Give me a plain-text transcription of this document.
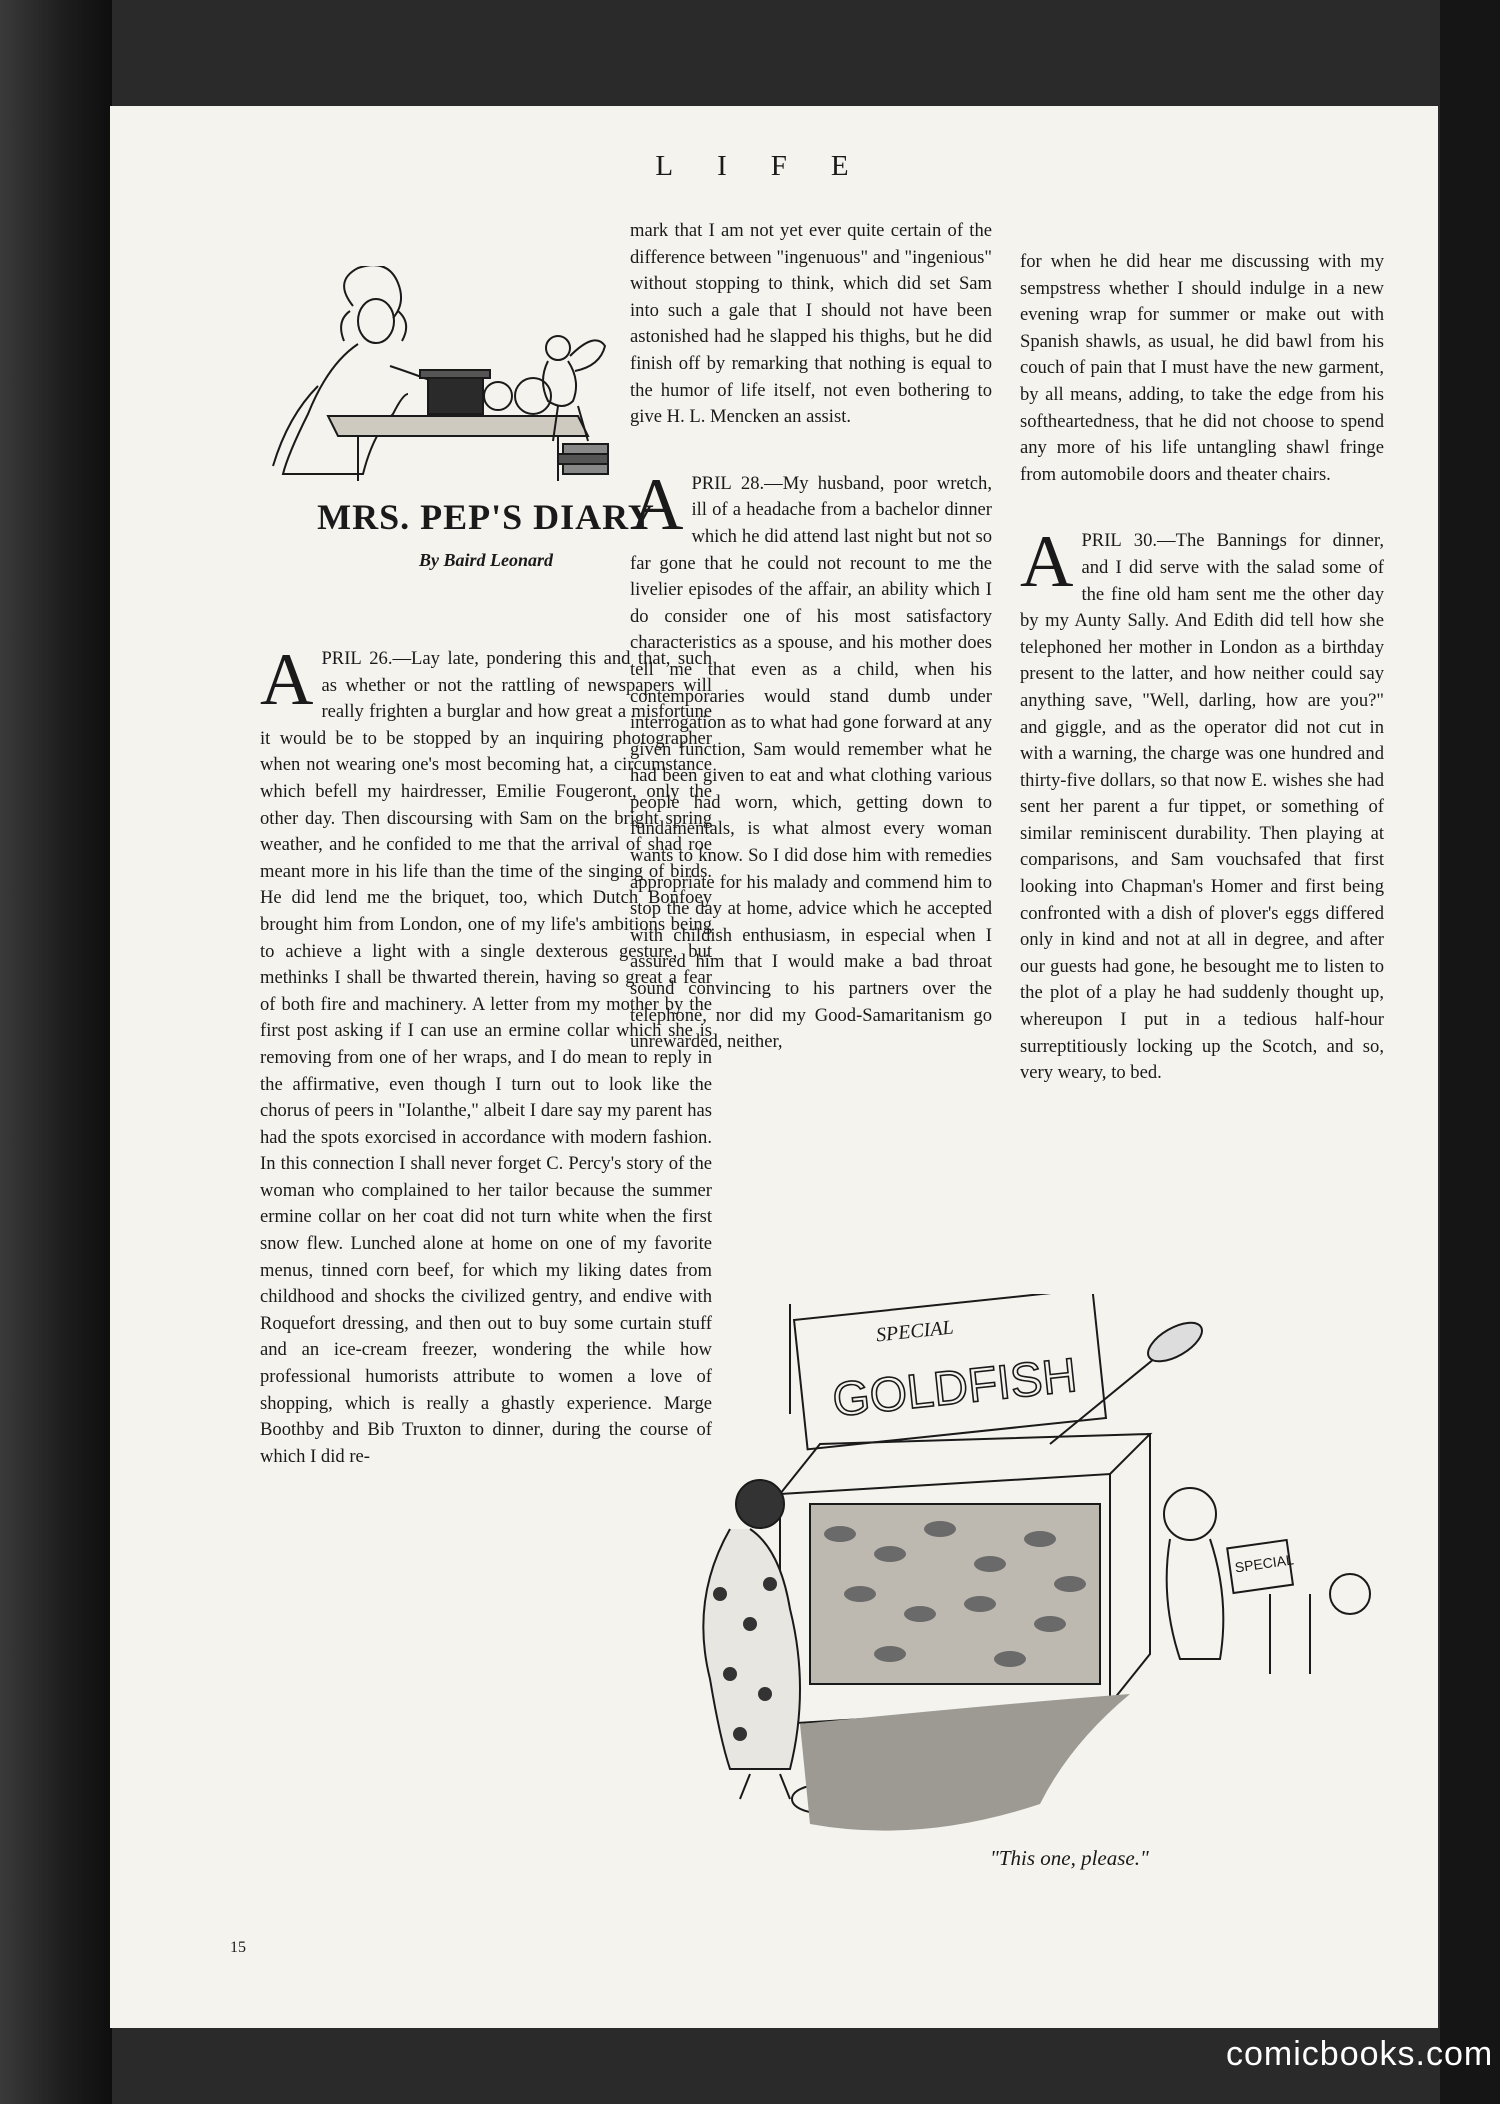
LIFE
MRS. PEP'S DIARY
By Baird Leonard

APRIL 26.—Lay late, pondering this and that, such as whether or not the rattling of newspapers will really frighten a burglar and how great a misfortune it would be to be stopped by an inquiring photographer when not wearing one's most becoming hat, a circumstance which befell my hairdresser, Emilie Fougeront, only the other day. Then discoursing with Sam on the bright spring weather, and he confided to me that the arrival of shad roe meant more in his life than the time of the singing of birds. He did lend me the briquet, too, which Dutch Bonfoey brought him from London, one of my life's ambitions being to achieve a light with a single dexterous gesture, but methinks I shall be thwarted therein, having so great a fear of both fire and machinery. A letter from my mother by the first post asking if I can use an ermine collar which she is removing from one of her wraps, and I do mean to reply in the affirmative, even though I turn out to look like the chorus of peers in "Iolanthe," albeit I dare say my parent has had the spots exorcised in accordance with modern fashion. In this connection I shall never forget C. Percy's story of the woman who complained to her tailor because the summer ermine collar on her coat did not turn white when the first snow flew. Lunched alone at home on one of my favorite menus, tinned corn beef, for which my liking dates from childhood and shocks the civilized gentry, and endive with Roquefort dressing, and then out to buy some curtain stuff and an ice-cream freezer, wondering the while how professional humorists attribute to women a love of shopping, which is really a ghastly experience. Marge Boothby and Bib Truxton to dinner, during the course of which I did re-

mark that I am not yet ever quite certain of the difference between "ingenuous" and "ingenious" without stopping to think, which did set Sam into such a gale that I should not have been astonished had he slapped his thighs, but he did finish off by remarking that nothing is equal to the humor of life itself, not even bothering to give H. L. Mencken an assist.

APRIL 28.—My husband, poor wretch, ill of a headache from a bachelor dinner which he did attend last night but not so far gone that he could not recount to me the livelier episodes of the affair, an ability which I do consider one of his most satisfactory characteristics as a spouse, and his mother does tell me that even as a child, when his contemporaries would stand dumb under interrogation as to what had gone forward at any given function, Sam would remember what he had been given to eat and what clothing various people had worn, which, getting down to fundamentals, is what almost every woman wants to know. So I did dose him with remedies appropriate for his malady and commend him to stop the day at home, advice which he accepted with childish enthusiasm, in especial when I assured him that I would make a bad throat sound convincing to his partners over the telephone, nor did my Good-Samaritanism go unrewarded, neither,

for when he did hear me discussing with my sempstress whether I should indulge in a new evening wrap for summer or make out with Spanish shawls, as usual, he did bawl from his couch of pain that I must have the new garment, by all means, adding, to take the edge from his softheartedness, that he did not choose to spend any more of his life untangling shawl fringe from automobile doors and theater chairs.

APRIL 30.—The Bannings for dinner, and I did serve with the salad some of the fine old ham sent me the other day by my Aunty Sally. And Edith did tell how she telephoned her mother in London as a birthday present to the latter, and how neither could say anything save, "Well, darling, how are you?" and giggle, and as the operator did not cut in with a warning, the charge was one hundred and thirty-five dollars, so that now E. wishes she had sent her parent a fur tippet, or something of similar reminiscent durability. Then playing at comparisons, and Sam vouchsafed that first looking into Chapman's Homer and first being confronted with a dish of plover's eggs differed only in kind and not at all in degree, and after our guests had gone, he besought me to listen to the plot of a play he had suddenly thought up, whereupon I put in a tedious half-hour surreptitiously locking up the Scotch, and so, very weary, to bed.

SPECIAL
GOLDFISH
SPECIAL
"This one, please."
15
comicbooks.com
